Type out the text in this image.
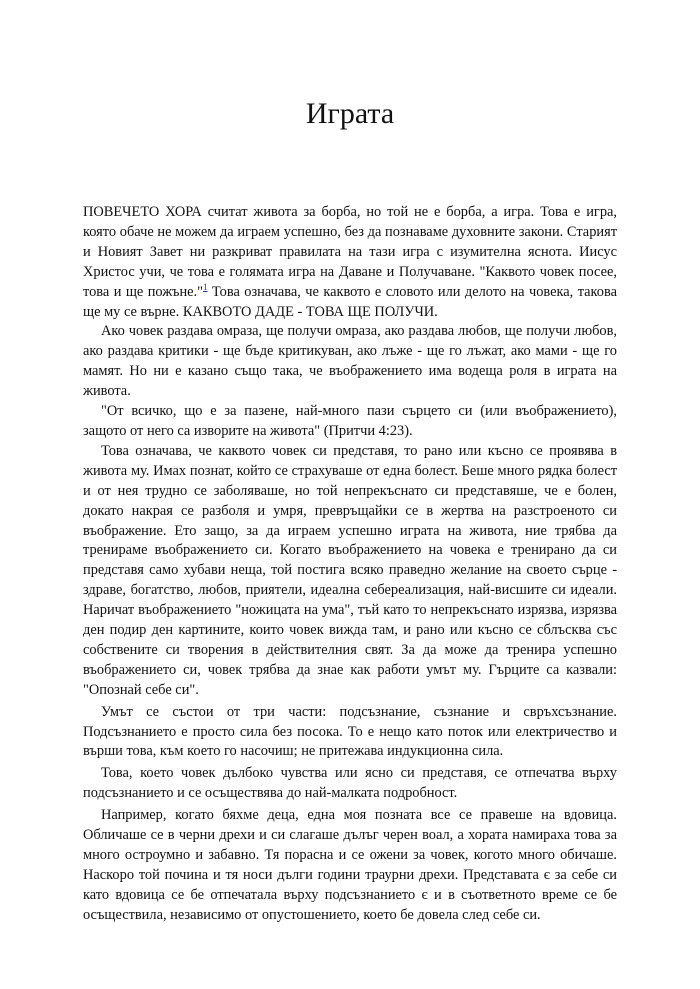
Играта

ПОВЕЧЕТО ХОРА считат живота за борба, но той не е борба, а игра. Това е игра, която обаче не можем да играем успешно, без да познаваме духовните закони. Старият и Новият Завет ни разкриват правилата на тази игра с изумителна яснота. Иисус Христос учи, че това е голямата игра на Даване и Получаване. "Каквото човек посее, това и ще пожъне."$^1$ Това означава, че каквото е словото или делото на човека, такова ще му се върне. КАКВОТО ДАДЕ - ТОВА ЩЕ ПОЛУЧИ.

Ако човек раздава омраза, ще получи омраза, ако раздава любов, ще получи любов, ако раздава критики - ще бъде критикуван, ако лъже - ще го лъжат, ако мами - ще го мамят. Но ни е казано също така, че въображението има водеща роля в играта на живота.

"От всичко, що е за пазене, най-много пази сърцето си (или въображението), защото от него са изворите на живота" (Притчи 4:23).

Това означава, че каквото човек си представя, то рано или късно се проявява в живота му. Имах познат, който се страхуваше от една болест. Беше много рядка болест и от нея трудно се заболяваше, но той непрекъснато си представяше, че е болен, докато накрая се разболя и умря, превръщайки се в жертва на разстроеното си въображение. Ето защо, за да играем успешно играта на живота, ние трябва да тренираме въображението си. Когато въображението на човека е тренирано да си представя само хубави неща, той постига всяко праведно желание на своето сърце - здраве, богатство, любов, приятели, идеална себереализация, най-висшите си идеали. Наричат въображението "ножицата на ума", тъй като то непрекъснато изрязва, изрязва ден подир ден картините, които човек вижда там, и рано или късно се сблъсква със собствените си творения в действителния свят. За да може да тренира успешно въображението си, човек трябва да знае как работи умът му. Гърците са казвали: "Опознай себе си".

Умът се състои от три части: подсъзнание, съзнание и свръхсъзнание. Подсъзнанието е просто сила без посока. То е нещо като поток или електричество и върши това, към което го насочиш; не притежава индукционна сила.

Това, което човек дълбоко чувства или ясно си представя, се отпечатва върху подсъзнанието и се осъществява до най-малката подробност.

Например, когато бяхме деца, една моя позната все се правеше на вдовица. Обличаше се в черни дрехи и си слагаше дълъг черен воал, а хората намираха това за много остроумно и забавно. Тя порасна и се ожени за човек, когото много обичаше. Наскоро той почина и тя носи дълги години траурни дрехи. Представата є за себе си като вдовица се бе отпечатала върху подсъзнанието є и в съответното време се бе осъществила, независимо от опустошението, което бе довела след себе си.
